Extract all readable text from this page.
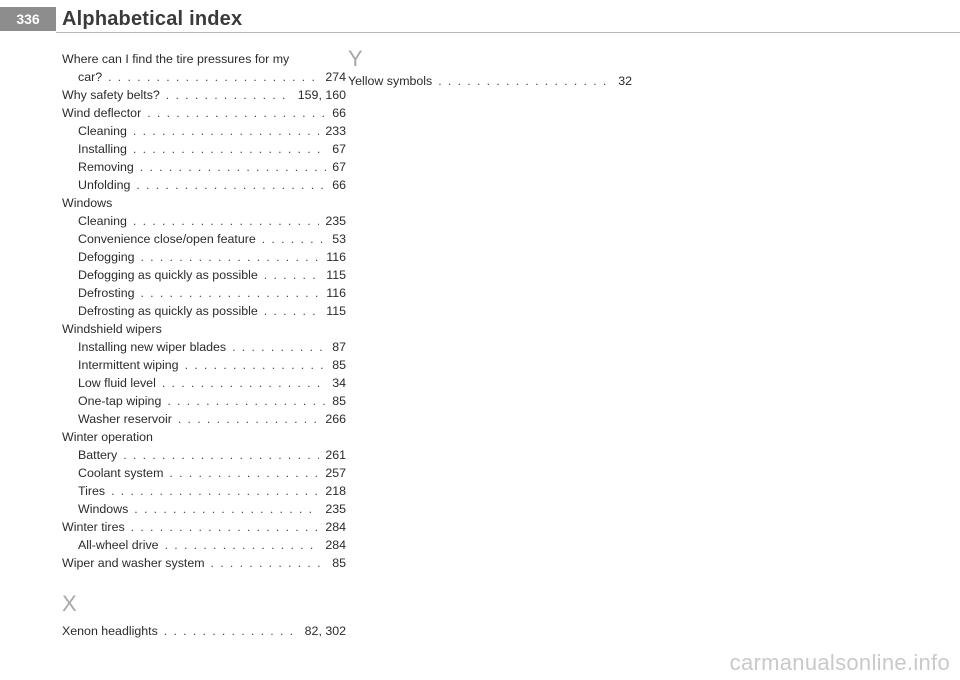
336	Alphabetical index
Where can I find the tire pressures for my
car? . . .	274
Why safety belts? . . .	159, 160
Wind deflector . . .	66
Cleaning . . .	233
Installing . . .	67
Removing . . .	67
Unfolding . . .	66
Windows
Cleaning . . .	235
Convenience close/open feature . . .	53
Defogging . . .	116
Defogging as quickly as possible . . .	115
Defrosting . . .	116
Defrosting as quickly as possible . . .	115
Windshield wipers
Installing new wiper blades . . .	87
Intermittent wiping . . .	85
Low fluid level . . .	34
One-tap wiping . . .	85
Washer reservoir . . .	266
Winter operation
Battery . . .	261
Coolant system . . .	257
Tires . . .	218
Windows . . .	235
Winter tires . . .	284
All-wheel drive . . .	284
Wiper and washer system . . .	85
X
Xenon headlights . . .	82, 302
Y
Yellow symbols . . .	32
carmanualsonline.info
